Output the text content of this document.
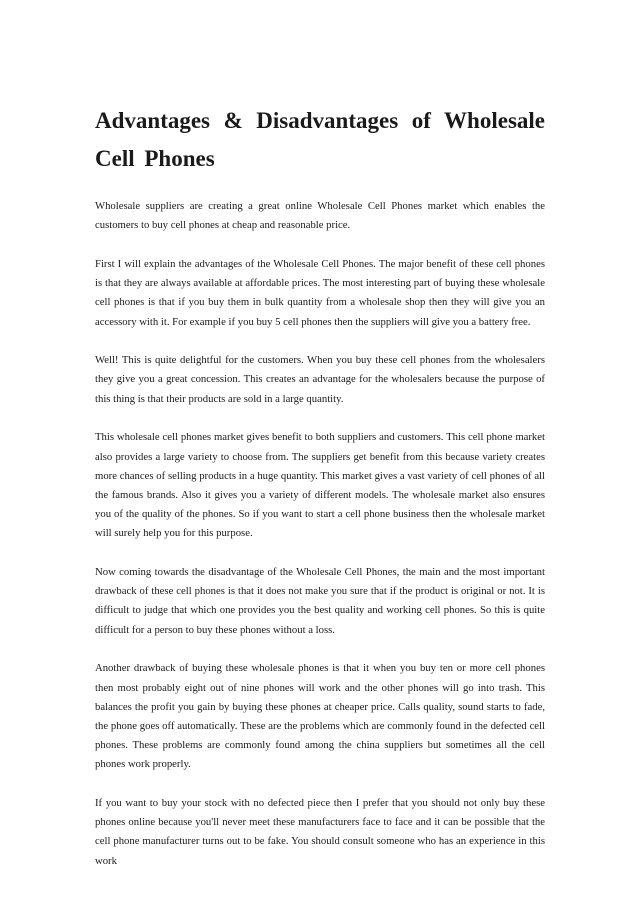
Advantages & Disadvantages of Wholesale Cell Phones

Wholesale suppliers are creating a great online Wholesale Cell Phones market which enables the customers to buy cell phones at cheap and reasonable price.

First I will explain the advantages of the Wholesale Cell Phones. The major benefit of these cell phones is that they are always available at affordable prices. The most interesting part of buying these wholesale cell phones is that if you buy them in bulk quantity from a wholesale shop then they will give you an accessory with it. For example if you buy 5 cell phones then the suppliers will give you a battery free.

Well! This is quite delightful for the customers. When you buy these cell phones from the wholesalers they give you a great concession. This creates an advantage for the wholesalers because the purpose of this thing is that their products are sold in a large quantity.

This wholesale cell phones market gives benefit to both suppliers and customers. This cell phone market also provides a large variety to choose from. The suppliers get benefit from this because variety creates more chances of selling products in a huge quantity. This market gives a vast variety of cell phones of all the famous brands. Also it gives you a variety of different models. The wholesale market also ensures you of the quality of the phones. So if you want to start a cell phone business then the wholesale market will surely help you for this purpose.

Now coming towards the disadvantage of the Wholesale Cell Phones, the main and the most important drawback of these cell phones is that it does not make you sure that if the product is original or not. It is difficult to judge that which one provides you the best quality and working cell phones. So this is quite difficult for a person to buy these phones without a loss.

Another drawback of buying these wholesale phones is that it when you buy ten or more cell phones then most probably eight out of nine phones will work and the other phones will go into trash. This balances the profit you gain by buying these phones at cheaper price. Calls quality, sound starts to fade, the phone goes off automatically. These are the problems which are commonly found in the defected cell phones. These problems are commonly found among the china suppliers but sometimes all the cell phones work properly.

If you want to buy your stock with no defected piece then I prefer that you should not only buy these phones online because you'll never meet these manufacturers face to face and it can be possible that the cell phone manufacturer turns out to be fake. You should consult someone who has an experience in this work
